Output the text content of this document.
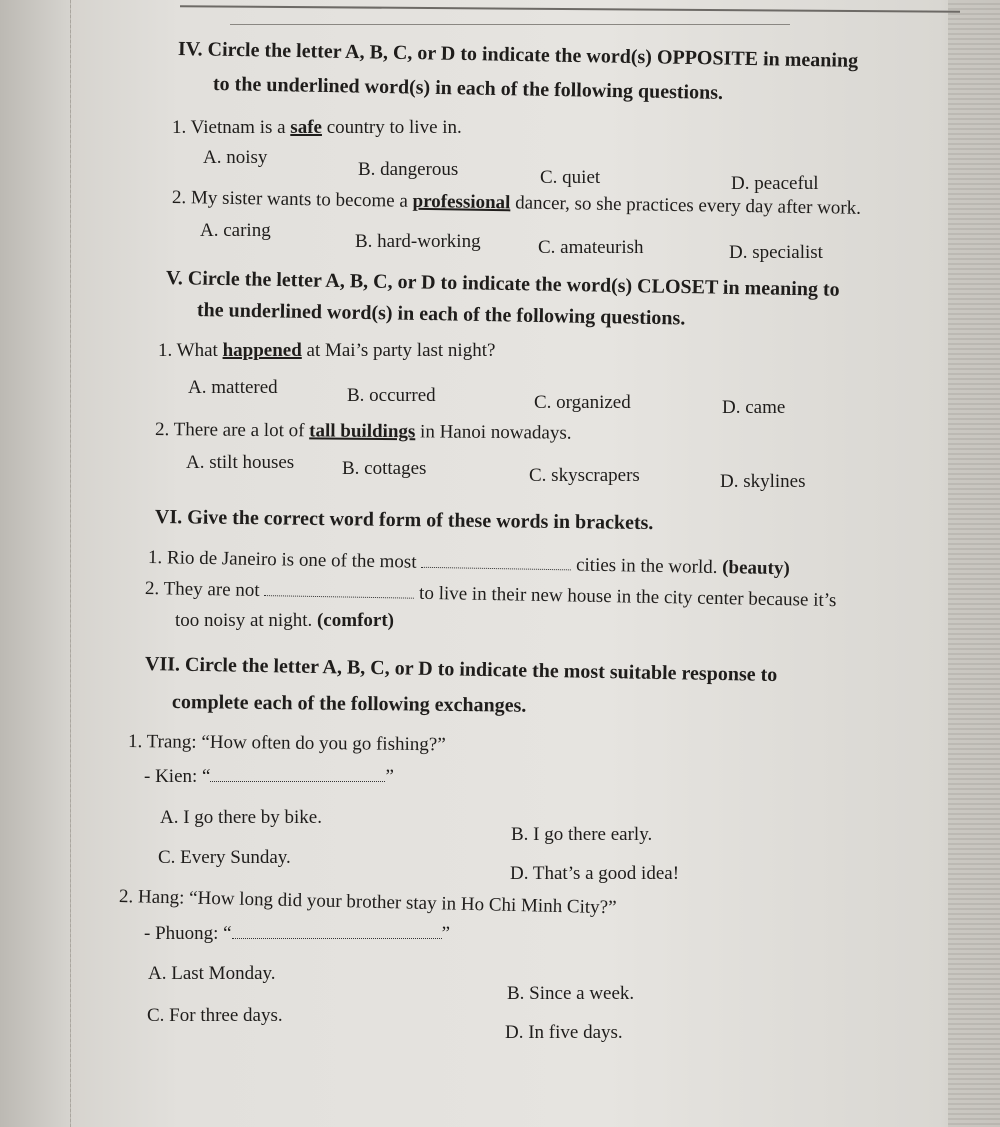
IV. Circle the letter A, B, C, or D to indicate the word(s) OPPOSITE in meaning
to the underlined word(s) in each of the following questions.
1. Vietnam is a safe country to live in.
A. noisy
B. dangerous	C. quiet	D. peaceful
2. My sister wants to become a professional dancer, so she practices every day after work.
A. caring
B. hard-working	C. amateurish	D. specialist
V. Circle the letter A, B, C, or D to indicate the word(s) CLOSET in meaning to
the underlined word(s) in each of the following questions.
1. What happened at Mai’s party last night?
A. mattered	B. occurred	C. organized	D. came
2. There are a lot of tall buildings in Hanoi nowadays.
A. stilt houses	B. cottages	C. skyscrapers	D. skylines
VI. Give the correct word form of these words in brackets.
1. Rio de Janeiro is one of the most	cities in the world. (beauty)
2. They are not	to live in their new house in the city center because it’s
too noisy at night. (comfort)
VII. Circle the letter A, B, C, or D to indicate the most suitable response to
complete each of the following exchanges.
1. Trang: “How often do you go fishing?”
- Kien: “	”
A. I go there by bike.
B. I go there early.
C. Every Sunday.
D. That’s a good idea!
2. Hang: “How long did your brother stay in Ho Chi Minh City?”
- Phuong: “	”
A. Last Monday.
B. Since a week.
C. For three days.
D. In five days.
